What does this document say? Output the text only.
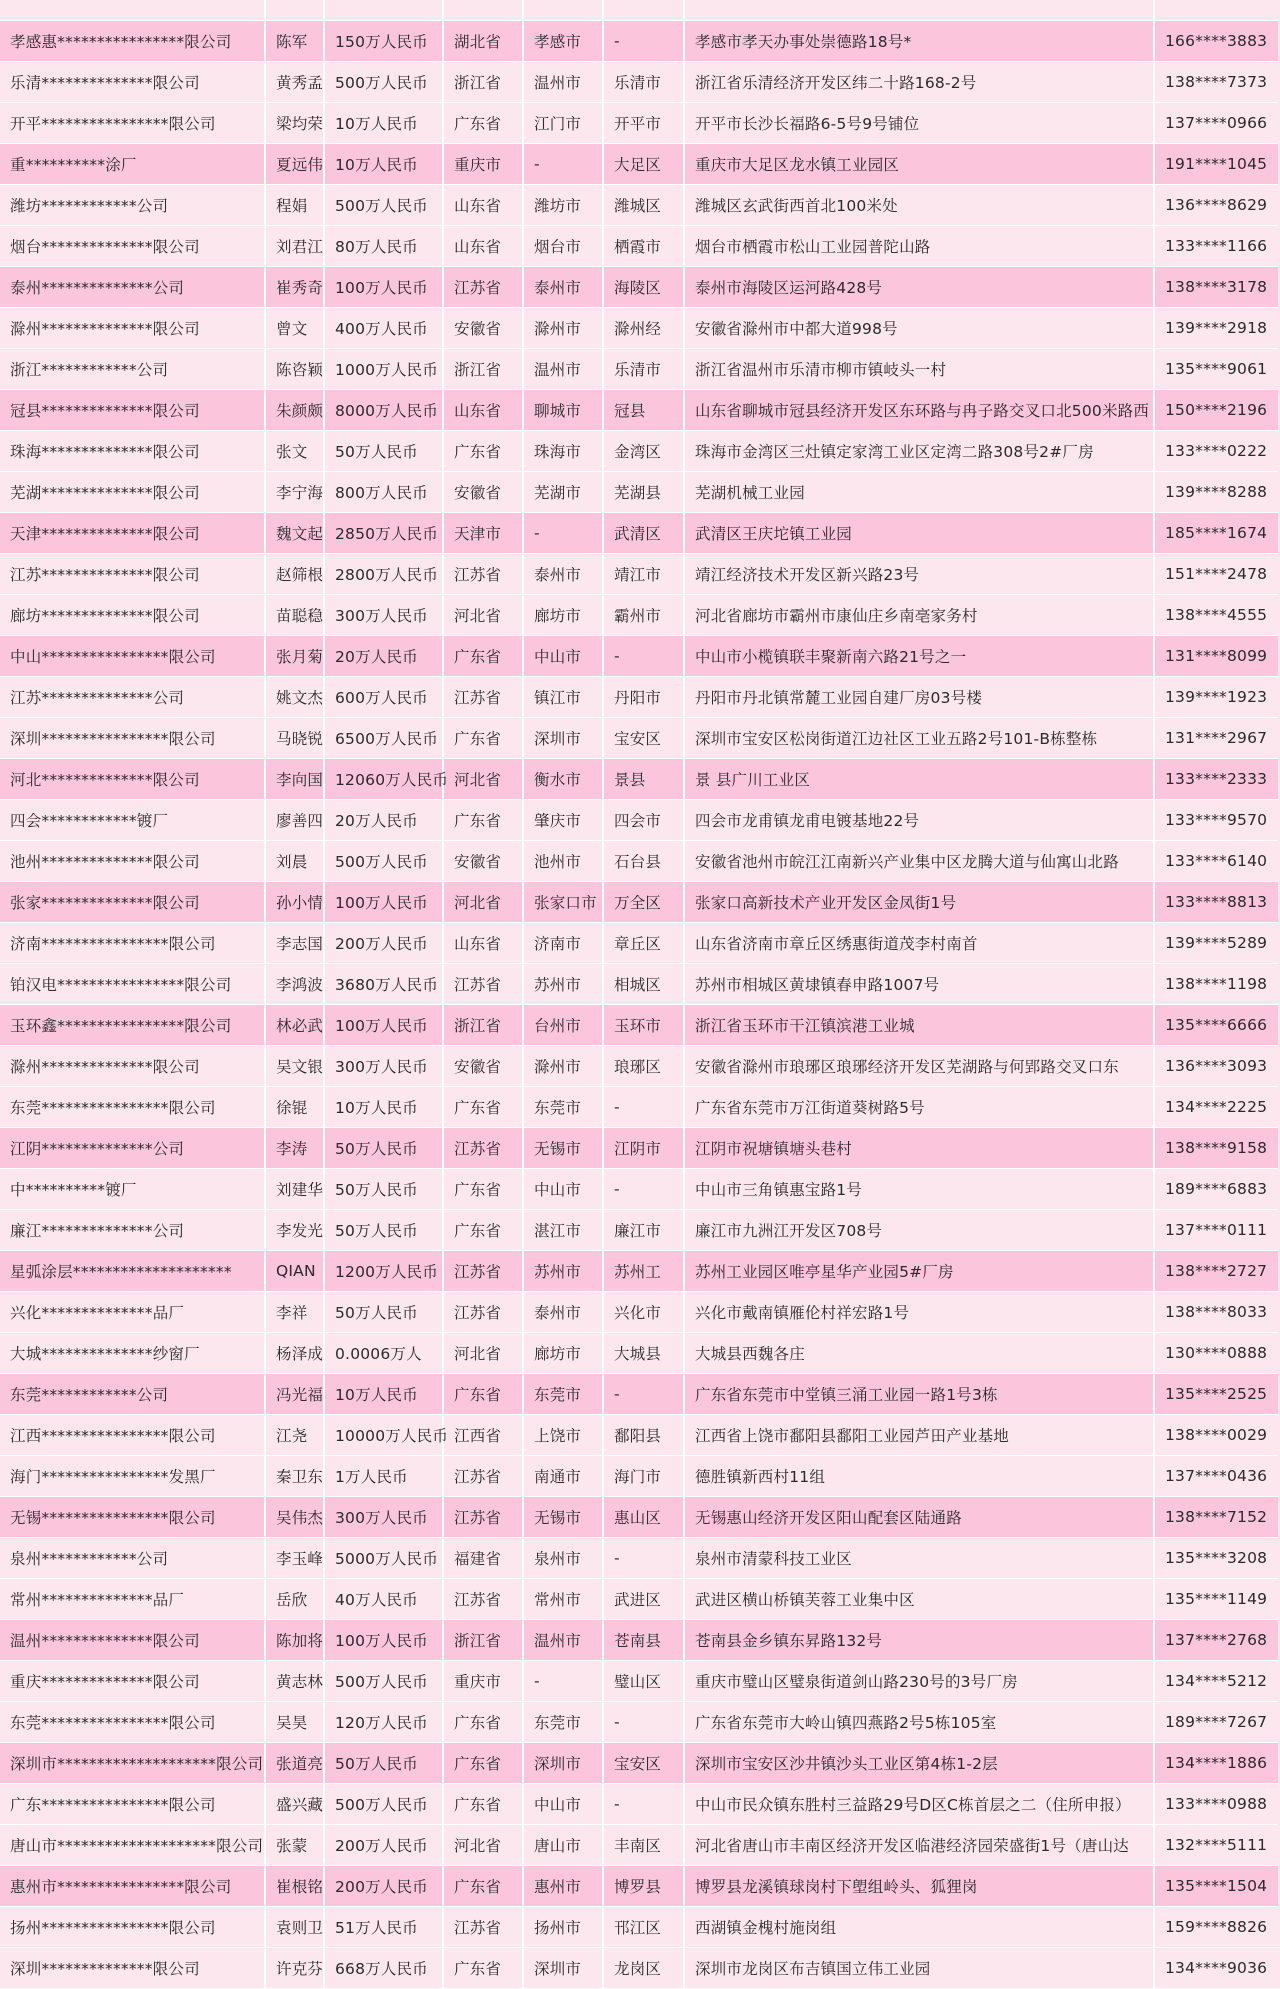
孝感惠****************限公司	陈军	150万人民币	湖北省	孝感市	-	孝感市孝天办事处崇德路18号*	166****3883
乐清**************限公司	黄秀孟	500万人民币	浙江省	温州市	乐清市	浙江省乐清经济开发区纬二十路168-2号	138****7373
开平****************限公司	梁均荣	10万人民币	广东省	江门市	开平市	开平市长沙长福路6-5号9号铺位	137****0966
重**********涂厂	夏远伟	10万人民币	重庆市	-	大足区	重庆市大足区龙水镇工业园区	191****1045
潍坊************公司	程娟	500万人民币	山东省	潍坊市	潍城区	潍城区玄武街西首北100米处	136****8629
烟台**************限公司	刘君江	80万人民币	山东省	烟台市	栖霞市	烟台市栖霞市松山工业园普陀山路	133****1166
泰州**************公司	崔秀奇	100万人民币	江苏省	泰州市	海陵区	泰州市海陵区运河路428号	138****3178
滁州**************限公司	曾文	400万人民币	安徽省	滁州市	滁州经	安徽省滁州市中都大道998号	139****2918
浙江************公司	陈咨颖	1000万人民币	浙江省	温州市	乐清市	浙江省温州市乐清市柳市镇岐头一村	135****9061
冠县**************限公司	朱颜颇	8000万人民币	山东省	聊城市	冠县	山东省聊城市冠县经济开发区东环路与冉子路交叉口北500米路西	150****2196
珠海**************限公司	张文	50万人民币	广东省	珠海市	金湾区	珠海市金湾区三灶镇定家湾工业区定湾二路308号2#厂房	133****0222
芜湖**************限公司	李宁海	800万人民币	安徽省	芜湖市	芜湖县	芜湖机械工业园	139****8288
天津**************限公司	魏文起	2850万人民币	天津市	-	武清区	武清区王庆坨镇工业园	185****1674
江苏**************限公司	赵筛根	2800万人民币	江苏省	泰州市	靖江市	靖江经济技术开发区新兴路23号	151****2478
廊坊**************限公司	苗聪稳	300万人民币	河北省	廊坊市	霸州市	河北省廊坊市霸州市康仙庄乡南亳家务村	138****4555
中山****************限公司	张月菊	20万人民币	广东省	中山市	-	中山市小榄镇联丰聚新南六路21号之一	131****8099
江苏**************公司	姚文杰	600万人民币	江苏省	镇江市	丹阳市	丹阳市丹北镇常麓工业园自建厂房03号楼	139****1923
深圳****************限公司	马晓锐	6500万人民币	广东省	深圳市	宝安区	深圳市宝安区松岗街道江边社区工业五路2号101-B栋整栋	131****2967
河北**************限公司	李向国	12060万人民币	河北省	衡水市	景县	景 县广川工业区	133****2333
四会************镀厂	廖善四	20万人民币	广东省	肇庆市	四会市	四会市龙甫镇龙甫电镀基地22号	133****9570
池州**************限公司	刘晨	500万人民币	安徽省	池州市	石台县	安徽省池州市皖江江南新兴产业集中区龙腾大道与仙寓山北路	133****6140
张家**************限公司	孙小情	100万人民币	河北省	张家口市	万全区	张家口高新技术产业开发区金凤街1号	133****8813
济南****************限公司	李志国	200万人民币	山东省	济南市	章丘区	山东省济南市章丘区绣惠街道茂李村南首	139****5289
铂汉电****************限公司	李鸿波	3680万人民币	江苏省	苏州市	相城区	苏州市相城区黄埭镇春申路1007号	138****1198
玉环鑫****************限公司	林必武	100万人民币	浙江省	台州市	玉环市	浙江省玉环市干江镇滨港工业城	135****6666
滁州**************限公司	吴文银	300万人民币	安徽省	滁州市	琅琊区	安徽省滁州市琅琊区琅琊经济开发区芜湖路与何郢路交叉口东	136****3093
东莞****************限公司	徐锟	10万人民币	广东省	东莞市	-	广东省东莞市万江街道葵树路5号	134****2225
江阴**************公司	李涛	50万人民币	江苏省	无锡市	江阴市	江阴市祝塘镇塘头巷村	138****9158
中**********镀厂	刘建华	50万人民币	广东省	中山市	-	中山市三角镇惠宝路1号	189****6883
廉江**************公司	李发光	50万人民币	广东省	湛江市	廉江市	廉江市九洲江开发区708号	137****0111
星弧涂层********************	QIAN	1200万人民币	江苏省	苏州市	苏州工	苏州工业园区唯亭星华产业园5#厂房	138****2727
兴化**************品厂	李祥	50万人民币	江苏省	泰州市	兴化市	兴化市戴南镇雁伦村祥宏路1号	138****8033
大城**************纱窗厂	杨泽成	0.0006万人	河北省	廊坊市	大城县	大城县西魏各庄	130****0888
东莞************公司	冯光福	10万人民币	广东省	东莞市	-	广东省东莞市中堂镇三涌工业园一路1号3栋	135****2525
江西****************限公司	江尧	10000万人民币	江西省	上饶市	鄱阳县	江西省上饶市鄱阳县鄱阳工业园芦田产业基地	138****0029
海门****************发黑厂	秦卫东	1万人民币	江苏省	南通市	海门市	德胜镇新西村11组	137****0436
无锡****************限公司	吴伟杰	300万人民币	江苏省	无锡市	惠山区	无锡惠山经济开发区阳山配套区陆通路	138****7152
泉州************公司	李玉峰	5000万人民币	福建省	泉州市	-	泉州市清蒙科技工业区	135****3208
常州**************品厂	岳欣	40万人民币	江苏省	常州市	武进区	武进区横山桥镇芙蓉工业集中区	135****1149
温州**************限公司	陈加将	100万人民币	浙江省	温州市	苍南县	苍南县金乡镇东昇路132号	137****2768
重庆**************限公司	黄志林	500万人民币	重庆市	-	璧山区	重庆市璧山区璧泉街道剑山路230号的3号厂房	134****5212
东莞****************限公司	吴昊	120万人民币	广东省	东莞市	-	广东省东莞市大岭山镇四燕路2号5栋105室	189****7267
深圳市********************限公司	张道亮	50万人民币	广东省	深圳市	宝安区	深圳市宝安区沙井镇沙头工业区第4栋1-2层	134****1886
广东****************限公司	盛兴藏	500万人民币	广东省	中山市	-	中山市民众镇东胜村三益路29号D区C栋首层之二（住所申报）	133****0988
唐山市********************限公司	张蒙	200万人民币	河北省	唐山市	丰南区	河北省唐山市丰南区经济开发区临港经济园荣盛街1号（唐山达	132****5111
惠州市****************限公司	崔根铭	200万人民币	广东省	惠州市	博罗县	博罗县龙溪镇球岗村下塱组岭头、狐狸岗	135****1504
扬州****************限公司	袁则卫	51万人民币	江苏省	扬州市	邗江区	西湖镇金槐村施岗组	159****8826
深圳**************限公司	许克芬	668万人民币	广东省	深圳市	龙岗区	深圳市龙岗区布吉镇国立伟工业园	134****9036
